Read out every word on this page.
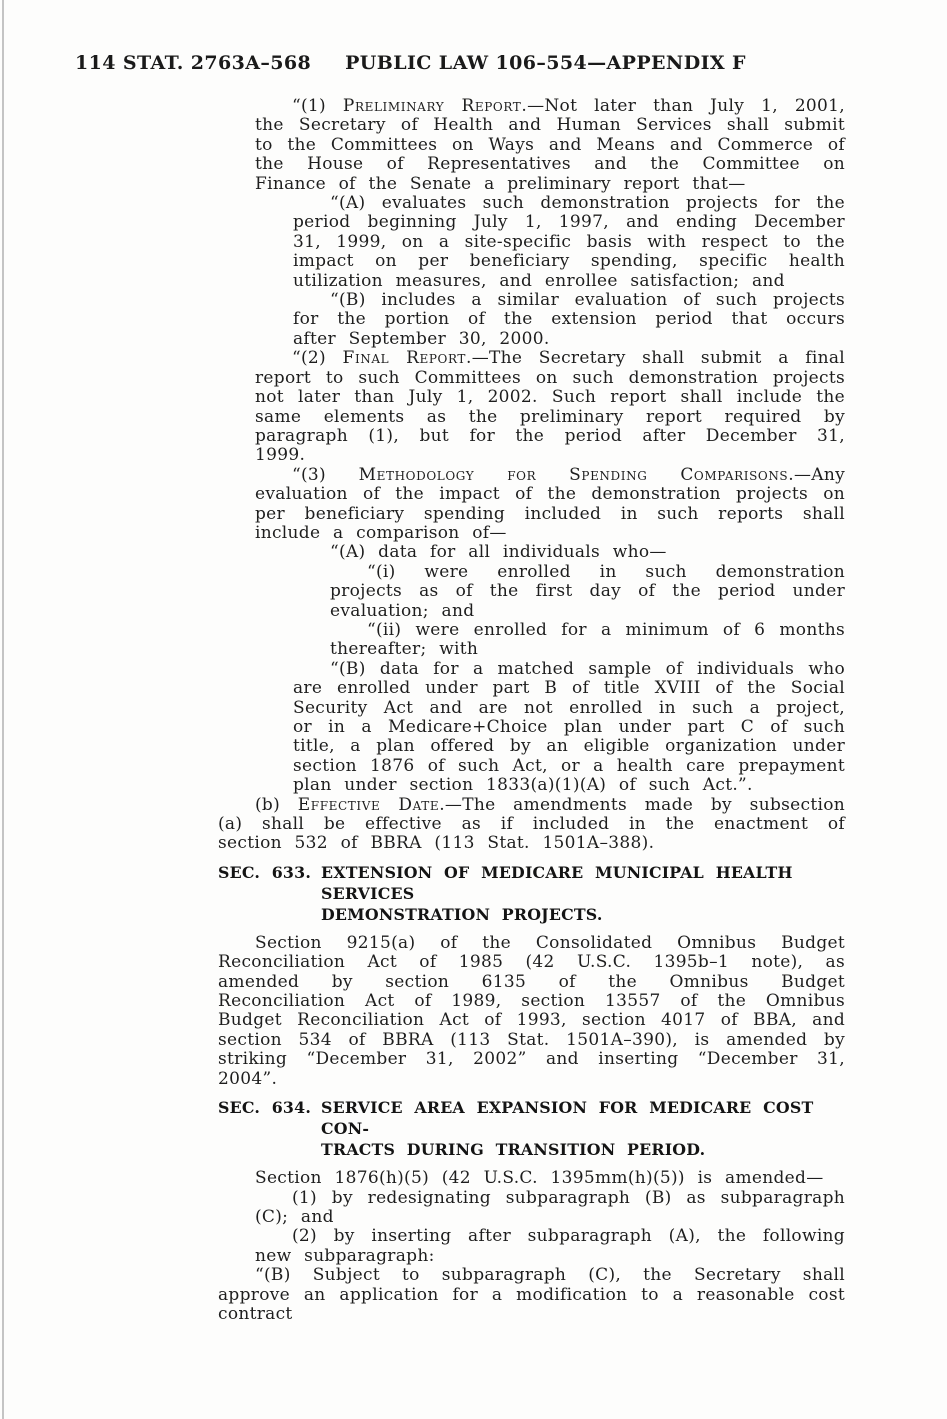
114 STAT. 2763A–568 PUBLIC LAW 106–554—APPENDIX F

“(1) Preliminary Report.—Not later than July 1, 2001, the Secretary of Health and Human Services shall submit to the Committees on Ways and Means and Commerce of the House of Representatives and the Committee on Finance of the Senate a preliminary report that—

“(A) evaluates such demonstration projects for the period beginning July 1, 1997, and ending December 31, 1999, on a site-specific basis with respect to the impact on per beneficiary spending, specific health utilization measures, and enrollee satisfaction; and

“(B) includes a similar evaluation of such projects for the portion of the extension period that occurs after September 30, 2000.

“(2) Final Report.—The Secretary shall submit a final report to such Committees on such demonstration projects not later than July 1, 2002. Such report shall include the same elements as the preliminary report required by paragraph (1), but for the period after December 31, 1999.

“(3) Methodology for Spending Comparisons.—Any evaluation of the impact of the demonstration projects on per beneficiary spending included in such reports shall include a comparison of—

“(A) data for all individuals who—

“(i) were enrolled in such demonstration projects as of the first day of the period under evaluation; and

“(ii) were enrolled for a minimum of 6 months thereafter; with

“(B) data for a matched sample of individuals who are enrolled under part B of title XVIII of the Social Security Act and are not enrolled in such a project, or in a Medicare+Choice plan under part C of such title, a plan offered by an eligible organization under section 1876 of such Act, or a health care prepayment plan under section 1833(a)(1)(A) of such Act.”.

(b) Effective Date.—The amendments made by subsection (a) shall be effective as if included in the enactment of section 532 of BBRA (113 Stat. 1501A–388).

SEC. 633. EXTENSION OF MEDICARE MUNICIPAL HEALTH SERVICES
DEMONSTRATION PROJECTS.

Section 9215(a) of the Consolidated Omnibus Budget Reconciliation Act of 1985 (42 U.S.C. 1395b–1 note), as amended by section 6135 of the Omnibus Budget Reconciliation Act of 1989, section 13557 of the Omnibus Budget Reconciliation Act of 1993, section 4017 of BBA, and section 534 of BBRA (113 Stat. 1501A–390), is amended by striking “December 31, 2002” and inserting “December 31, 2004”.

SEC. 634. SERVICE AREA EXPANSION FOR MEDICARE COST CON-
TRACTS DURING TRANSITION PERIOD.

Section 1876(h)(5) (42 U.S.C. 1395mm(h)(5)) is amended—

(1) by redesignating subparagraph (B) as subparagraph (C); and

(2) by inserting after subparagraph (A), the following new subparagraph:

“(B) Subject to subparagraph (C), the Secretary shall approve an application for a modification to a reasonable cost contract
